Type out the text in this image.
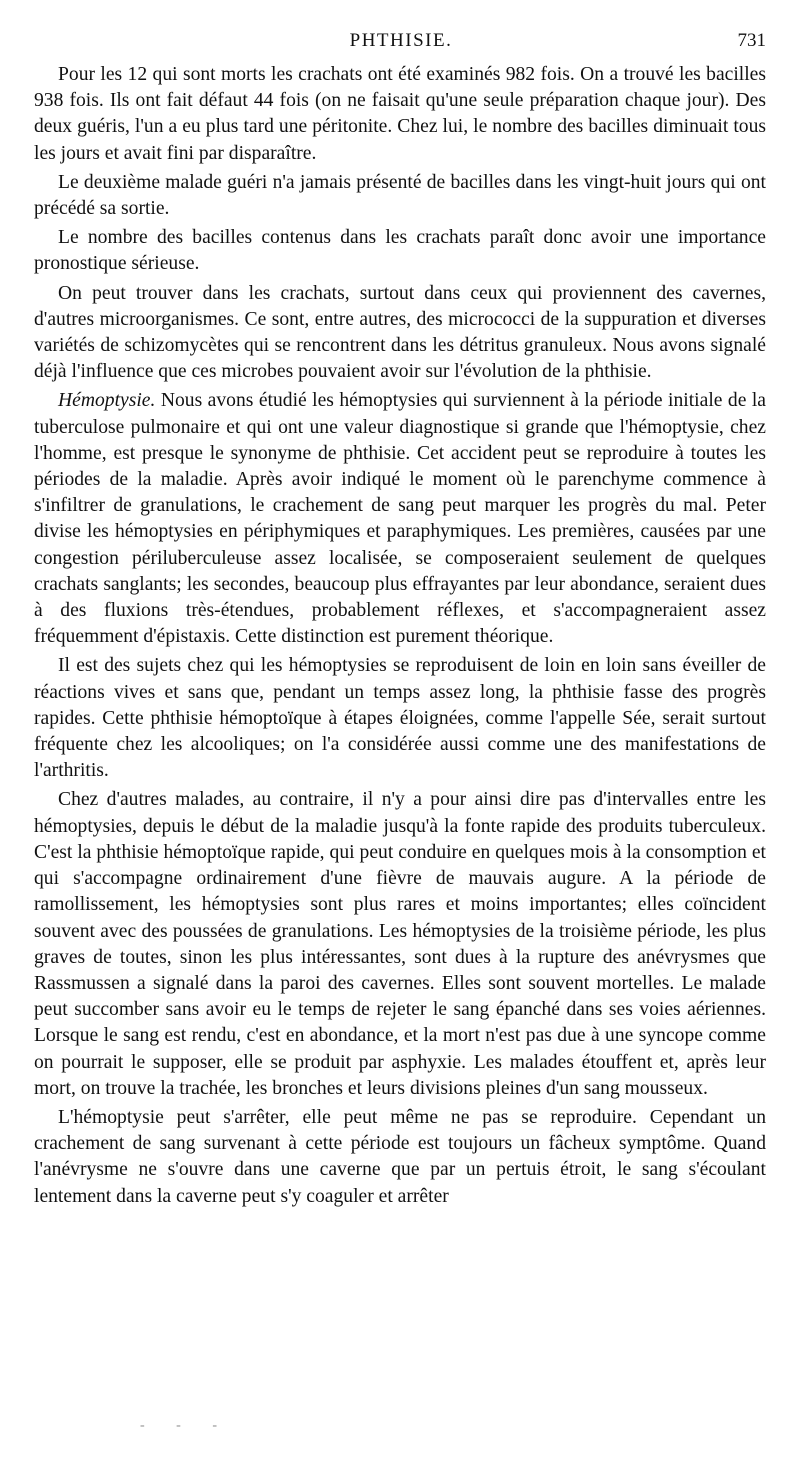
PHTHISIE.	731

Pour les 12 qui sont morts les crachats ont été examinés 982 fois. On a trouvé les bacilles 938 fois. Ils ont fait défaut 44 fois (on ne faisait qu'une seule préparation chaque jour). Des deux guéris, l'un a eu plus tard une péritonite. Chez lui, le nombre des bacilles diminuait tous les jours et avait fini par disparaître.

Le deuxième malade guéri n'a jamais présenté de bacilles dans les vingt-huit jours qui ont précédé sa sortie.

Le nombre des bacilles contenus dans les crachats paraît donc avoir une importance pronostique sérieuse.

On peut trouver dans les crachats, surtout dans ceux qui proviennent des cavernes, d'autres microorganismes. Ce sont, entre autres, des micrococci de la suppuration et diverses variétés de schizomycètes qui se rencontrent dans les détritus granuleux. Nous avons signalé déjà l'influence que ces microbes pouvaient avoir sur l'évolution de la phthisie.

Hémoptysie. Nous avons étudié les hémoptysies qui surviennent à la période initiale de la tuberculose pulmonaire et qui ont une valeur diagnostique si grande que l'hémoptysie, chez l'homme, est presque le synonyme de phthisie. Cet accident peut se reproduire à toutes les périodes de la maladie. Après avoir indiqué le moment où le parenchyme commence à s'infiltrer de granulations, le crachement de sang peut marquer les progrès du mal. Peter divise les hémoptysies en périphymiques et paraphymiques. Les premières, causées par une congestion périluberculeuse assez localisée, se composeraient seulement de quelques crachats sanglants; les secondes, beaucoup plus effrayantes par leur abondance, seraient dues à des fluxions très-étendues, probablement réflexes, et s'accompagneraient assez fréquemment d'épistaxis. Cette distinction est purement théorique.

Il est des sujets chez qui les hémoptysies se reproduisent de loin en loin sans éveiller de réactions vives et sans que, pendant un temps assez long, la phthisie fasse des progrès rapides. Cette phthisie hémoptoïque à étapes éloignées, comme l'appelle Sée, serait surtout fréquente chez les alcooliques; on l'a considérée aussi comme une des manifestations de l'arthritis.

Chez d'autres malades, au contraire, il n'y a pour ainsi dire pas d'intervalles entre les hémoptysies, depuis le début de la maladie jusqu'à la fonte rapide des produits tuberculeux. C'est la phthisie hémoptoïque rapide, qui peut conduire en quelques mois à la consomption et qui s'accompagne ordinairement d'une fièvre de mauvais augure. A la période de ramollissement, les hémoptysies sont plus rares et moins importantes; elles coïncident souvent avec des poussées de granulations. Les hémoptysies de la troisième période, les plus graves de toutes, sinon les plus intéressantes, sont dues à la rupture des anévrysmes que Rassmussen a signalé dans la paroi des cavernes. Elles sont souvent mortelles. Le malade peut succomber sans avoir eu le temps de rejeter le sang épanché dans ses voies aériennes. Lorsque le sang est rendu, c'est en abondance, et la mort n'est pas due à une syncope comme on pourrait le supposer, elle se produit par asphyxie. Les malades étouffent et, après leur mort, on trouve la trachée, les bronches et leurs divisions pleines d'un sang mousseux.

L'hémoptysie peut s'arrêter, elle peut même ne pas se reproduire. Cependant un crachement de sang survenant à cette période est toujours un fâcheux symptôme. Quand l'anévrysme ne s'ouvre dans une caverne que par un pertuis étroit, le sang s'écoulant lentement dans la caverne peut s'y coaguler et arrêter

- - -
